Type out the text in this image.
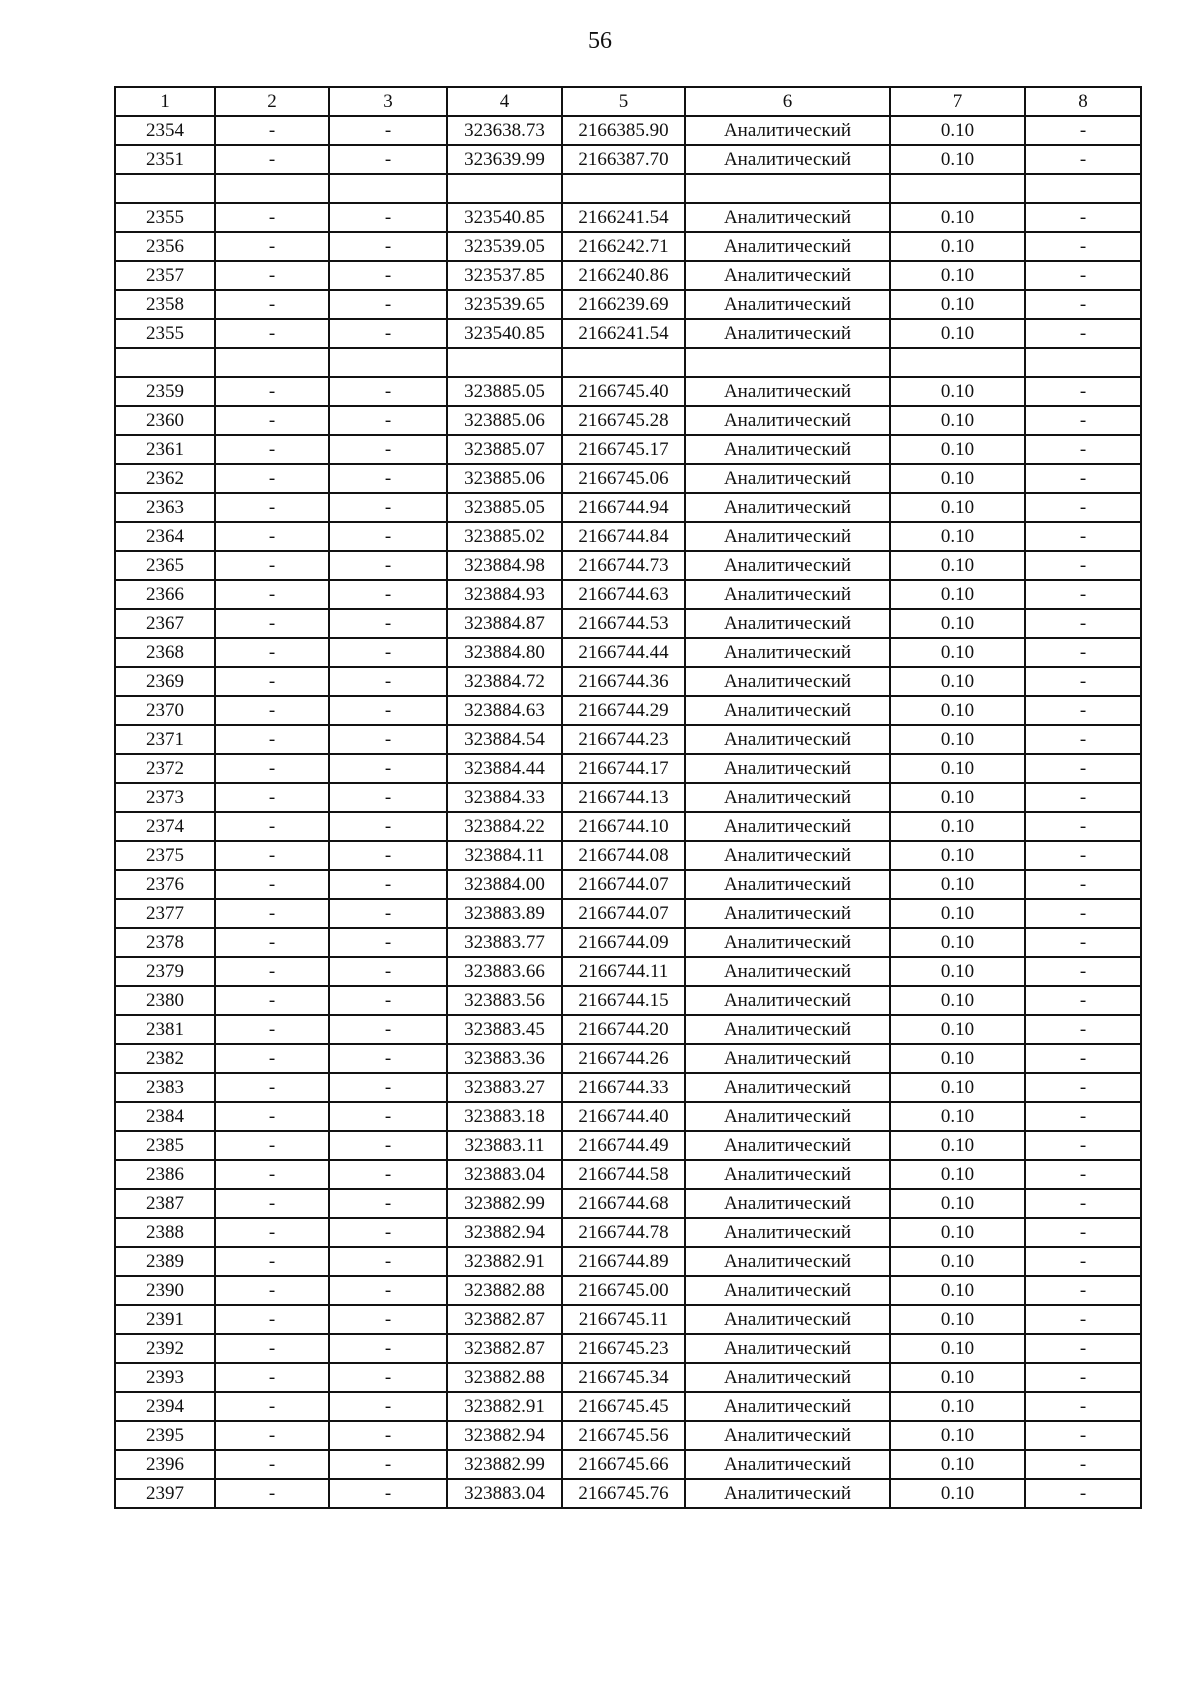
56
1	2	3	4	5	6	7	8
2354	-	-	323638.73	2166385.90	Аналитический	0.10	-
2351	-	-	323639.99	2166387.70	Аналитический	0.10	-

2355	-	-	323540.85	2166241.54	Аналитический	0.10	-
2356	-	-	323539.05	2166242.71	Аналитический	0.10	-
2357	-	-	323537.85	2166240.86	Аналитический	0.10	-
2358	-	-	323539.65	2166239.69	Аналитический	0.10	-
2355	-	-	323540.85	2166241.54	Аналитический	0.10	-

2359	-	-	323885.05	2166745.40	Аналитический	0.10	-
2360	-	-	323885.06	2166745.28	Аналитический	0.10	-
2361	-	-	323885.07	2166745.17	Аналитический	0.10	-
2362	-	-	323885.06	2166745.06	Аналитический	0.10	-
2363	-	-	323885.05	2166744.94	Аналитический	0.10	-
2364	-	-	323885.02	2166744.84	Аналитический	0.10	-
2365	-	-	323884.98	2166744.73	Аналитический	0.10	-
2366	-	-	323884.93	2166744.63	Аналитический	0.10	-
2367	-	-	323884.87	2166744.53	Аналитический	0.10	-
2368	-	-	323884.80	2166744.44	Аналитический	0.10	-
2369	-	-	323884.72	2166744.36	Аналитический	0.10	-
2370	-	-	323884.63	2166744.29	Аналитический	0.10	-
2371	-	-	323884.54	2166744.23	Аналитический	0.10	-
2372	-	-	323884.44	2166744.17	Аналитический	0.10	-
2373	-	-	323884.33	2166744.13	Аналитический	0.10	-
2374	-	-	323884.22	2166744.10	Аналитический	0.10	-
2375	-	-	323884.11	2166744.08	Аналитический	0.10	-
2376	-	-	323884.00	2166744.07	Аналитический	0.10	-
2377	-	-	323883.89	2166744.07	Аналитический	0.10	-
2378	-	-	323883.77	2166744.09	Аналитический	0.10	-
2379	-	-	323883.66	2166744.11	Аналитический	0.10	-
2380	-	-	323883.56	2166744.15	Аналитический	0.10	-
2381	-	-	323883.45	2166744.20	Аналитический	0.10	-
2382	-	-	323883.36	2166744.26	Аналитический	0.10	-
2383	-	-	323883.27	2166744.33	Аналитический	0.10	-
2384	-	-	323883.18	2166744.40	Аналитический	0.10	-
2385	-	-	323883.11	2166744.49	Аналитический	0.10	-
2386	-	-	323883.04	2166744.58	Аналитический	0.10	-
2387	-	-	323882.99	2166744.68	Аналитический	0.10	-
2388	-	-	323882.94	2166744.78	Аналитический	0.10	-
2389	-	-	323882.91	2166744.89	Аналитический	0.10	-
2390	-	-	323882.88	2166745.00	Аналитический	0.10	-
2391	-	-	323882.87	2166745.11	Аналитический	0.10	-
2392	-	-	323882.87	2166745.23	Аналитический	0.10	-
2393	-	-	323882.88	2166745.34	Аналитический	0.10	-
2394	-	-	323882.91	2166745.45	Аналитический	0.10	-
2395	-	-	323882.94	2166745.56	Аналитический	0.10	-
2396	-	-	323882.99	2166745.66	Аналитический	0.10	-
2397	-	-	323883.04	2166745.76	Аналитический	0.10	-
